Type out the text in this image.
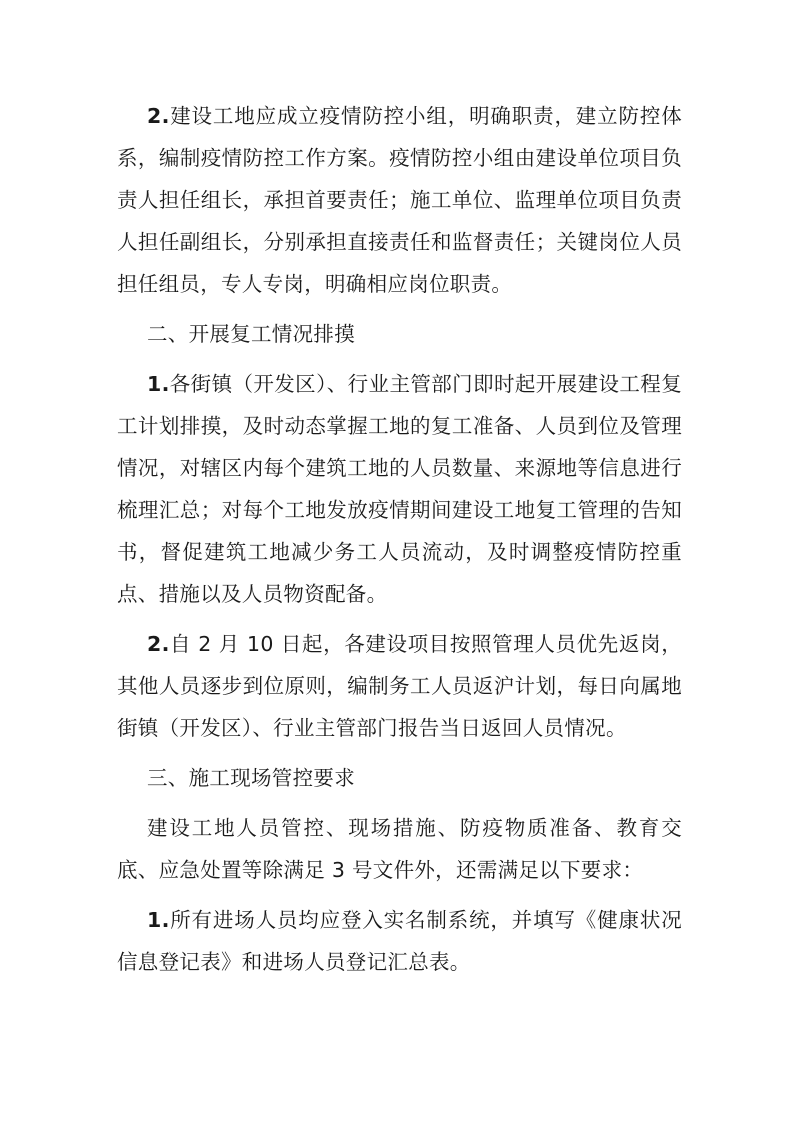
2.建设工地应成立疫情防控小组，明确职责，建立防控体系，编制疫情防控工作方案。疫情防控小组由建设单位项目负责人担任组长，承担首要责任；施工单位、监理单位项目负责人担任副组长，分别承担直接责任和监督责任；关键岗位人员担任组员，专人专岗，明确相应岗位职责。

二、开展复工情况排摸

1.各街镇（开发区）、行业主管部门即时起开展建设工程复工计划排摸，及时动态掌握工地的复工准备、人员到位及管理情况，对辖区内每个建筑工地的人员数量、来源地等信息进行梳理汇总；对每个工地发放疫情期间建设工地复工管理的告知书，督促建筑工地减少务工人员流动，及时调整疫情防控重点、措施以及人员物资配备。

2.自 2 月 10 日起，各建设项目按照管理人员优先返岗，其他人员逐步到位原则，编制务工人员返沪计划，每日向属地街镇（开发区）、行业主管部门报告当日返回人员情况。

三、施工现场管控要求

建设工地人员管控、现场措施、防疫物质准备、教育交底、应急处置等除满足 3 号文件外，还需满足以下要求：

1.所有进场人员均应登入实名制系统，并填写《健康状况信息登记表》和进场人员登记汇总表。
